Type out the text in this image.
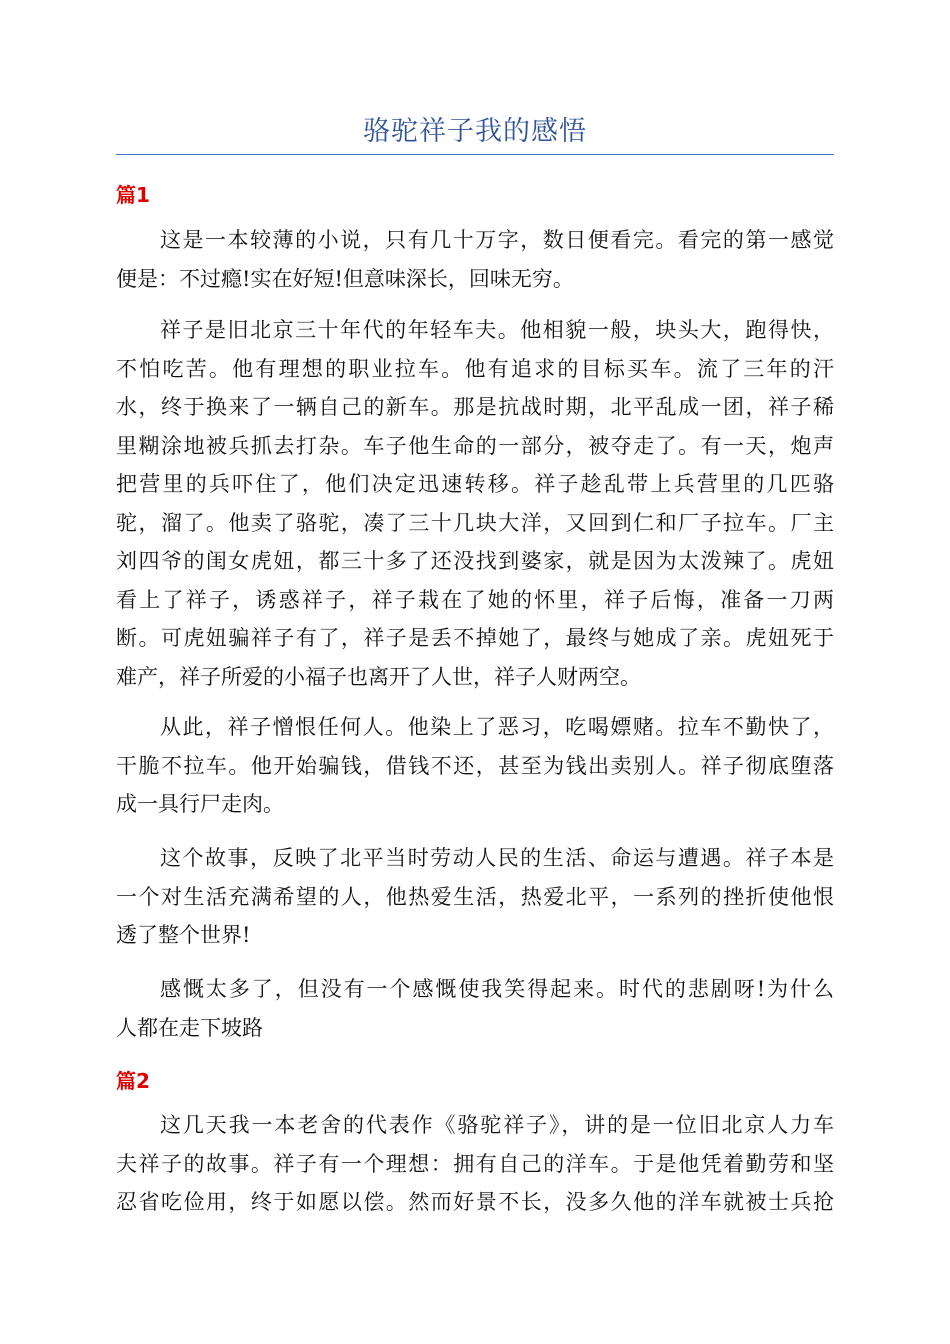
骆驼祥子我的感悟
篇1
这是一本较薄的小说，只有几十万字，数日便看完。看完的第一感觉
便是：不过瘾!实在好短!但意味深长，回味无穷。
祥子是旧北京三十年代的年轻车夫。他相貌一般，块头大，跑得快，
不怕吃苦。他有理想的职业拉车。他有追求的目标买车。流了三年的汗
水，终于换来了一辆自己的新车。那是抗战时期，北平乱成一团，祥子稀
里糊涂地被兵抓去打杂。车子他生命的一部分，被夺走了。有一天，炮声
把营里的兵吓住了，他们决定迅速转移。祥子趁乱带上兵营里的几匹骆
驼，溜了。他卖了骆驼，凑了三十几块大洋，又回到仁和厂子拉车。厂主
刘四爷的闺女虎妞，都三十多了还没找到婆家，就是因为太泼辣了。虎妞
看上了祥子，诱惑祥子，祥子栽在了她的怀里，祥子后悔，准备一刀两
断。可虎妞骗祥子有了，祥子是丢不掉她了，最终与她成了亲。虎妞死于
难产，祥子所爱的小福子也离开了人世，祥子人财两空。
从此，祥子憎恨任何人。他染上了恶习，吃喝嫖赌。拉车不勤快了，
干脆不拉车。他开始骗钱，借钱不还，甚至为钱出卖别人。祥子彻底堕落
成一具行尸走肉。
这个故事，反映了北平当时劳动人民的生活、命运与遭遇。祥子本是
一个对生活充满希望的人，他热爱生活，热爱北平，一系列的挫折使他恨
透了整个世界!
感慨太多了，但没有一个感慨使我笑得起来。时代的悲剧呀!为什么
人都在走下坡路
篇2
这几天我一本老舍的代表作《骆驼祥子》，讲的是一位旧北京人力车
夫祥子的故事。祥子有一个理想：拥有自己的洋车。于是他凭着勤劳和坚
忍省吃俭用，终于如愿以偿。然而好景不长，没多久他的洋车就被士兵抢
